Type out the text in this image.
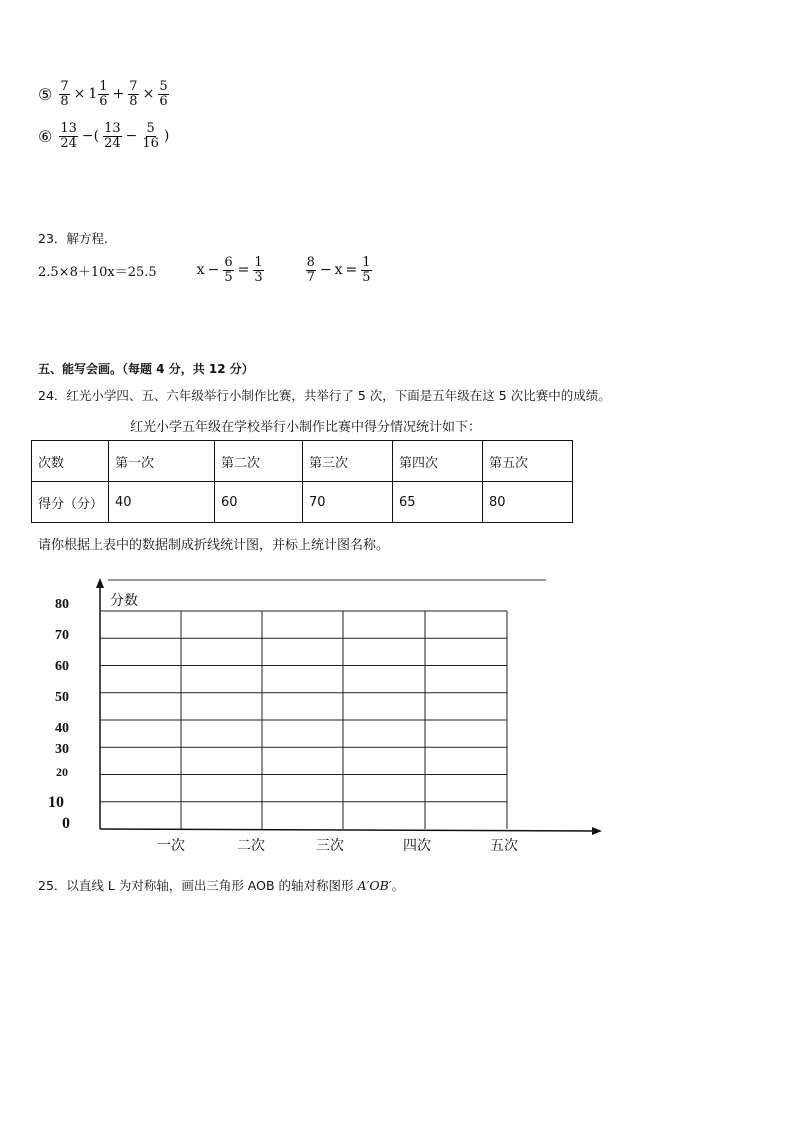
⑤ $\frac{7}{8} \times 1 \frac{1}{6} + \frac{7}{8} \times \frac{5}{6}$
⑥ $\frac{13}{24}$ −( $\frac{13}{24} - \frac{5}{16}$ )
23．解方程.
2.5×8＋10x＝25.5	$x - \frac{6}{5} = \frac{1}{3}$	$\frac{8}{7} - x = \frac{1}{5}$
五、能写会画。（每题 4 分，共 12 分）
24．红光小学四、五、六年级举行小制作比赛，共举行了 5 次，下面是五年级在这 5 次比赛中的成绩。
红光小学五年级在学校举行小制作比赛中得分情况统计如下：
次数	第一次	第二次	第三次	第四次	第五次
得分（分）	40	60	70	65	80
请你根据上表中的数据制成折线统计图，并标上统计图名称。
分数
80
70
60
50
40
30
20
10
0
一次	二次	三次	四次	五次
25．以直线 L 为对称轴，画出三角形 AOB 的轴对称图形 A′OB′。
